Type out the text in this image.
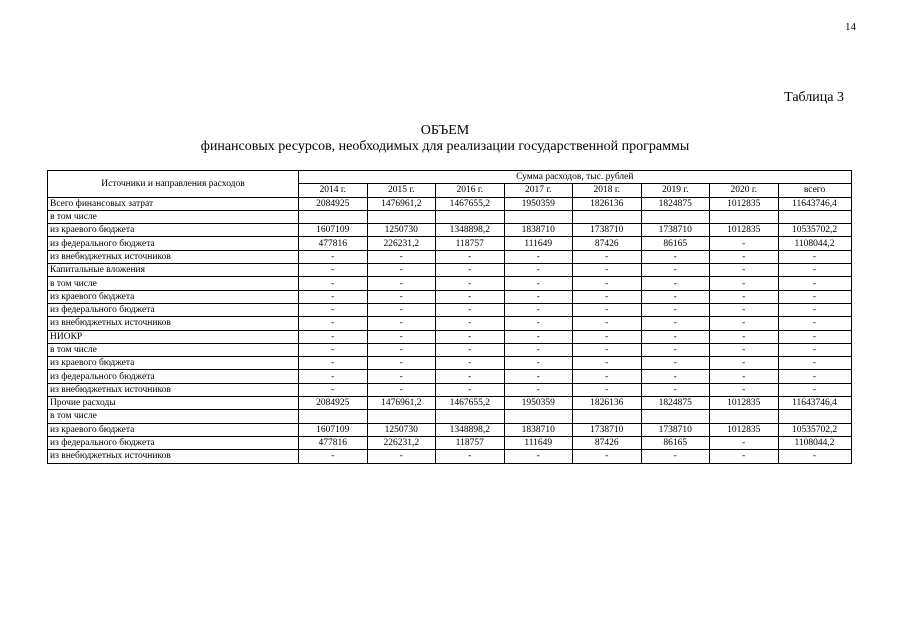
14
Таблица 3
ОБЪЕМ
финансовых ресурсов, необходимых для реализации государственной программы
Источники и направления расходов	Сумма расходов, тыс. рублей							
	2014 г.	2015 г.	2016 г.	2017 г.	2018 г.	2019 г.	2020 г.	всего
Всего финансовых затрат	2084925	1476961,2	1467655,2	1950359	1826136	1824875	1012835	11643746,4
в том числе								
из краевого бюджета	1607109	1250730	1348898,2	1838710	1738710	1738710	1012835	10535702,2
из федерального бюджета	477816	226231,2	118757	111649	87426	86165	-	1108044,2
из внебюджетных источников	-	-	-	-	-	-	-	-
Капитальные вложения	-	-	-	-	-	-	-	-
в том числе	-	-	-	-	-	-	-	-
из краевого бюджета	-	-	-	-	-	-	-	-
из федерального бюджета	-	-	-	-	-	-	-	-
из внебюджетных источников	-	-	-	-	-	-	-	-
НИОКР	-	-	-	-	-	-	-	-
в том числе	-	-	-	-	-	-	-	-
из краевого бюджета	-	-	-	-	-	-	-	-
из федерального бюджета	-	-	-	-	-	-	-	-
из внебюджетных источников	-	-	-	-	-	-	-	-
Прочие расходы	2084925	1476961,2	1467655,2	1950359	1826136	1824875	1012835	11643746,4
в том числе								
из краевого бюджета	1607109	1250730	1348898,2	1838710	1738710	1738710	1012835	10535702,2
из федерального бюджета	477816	226231,2	118757	111649	87426	86165	-	1108044,2
из внебюджетных источников	-	-	-	-	-	-	-	-
